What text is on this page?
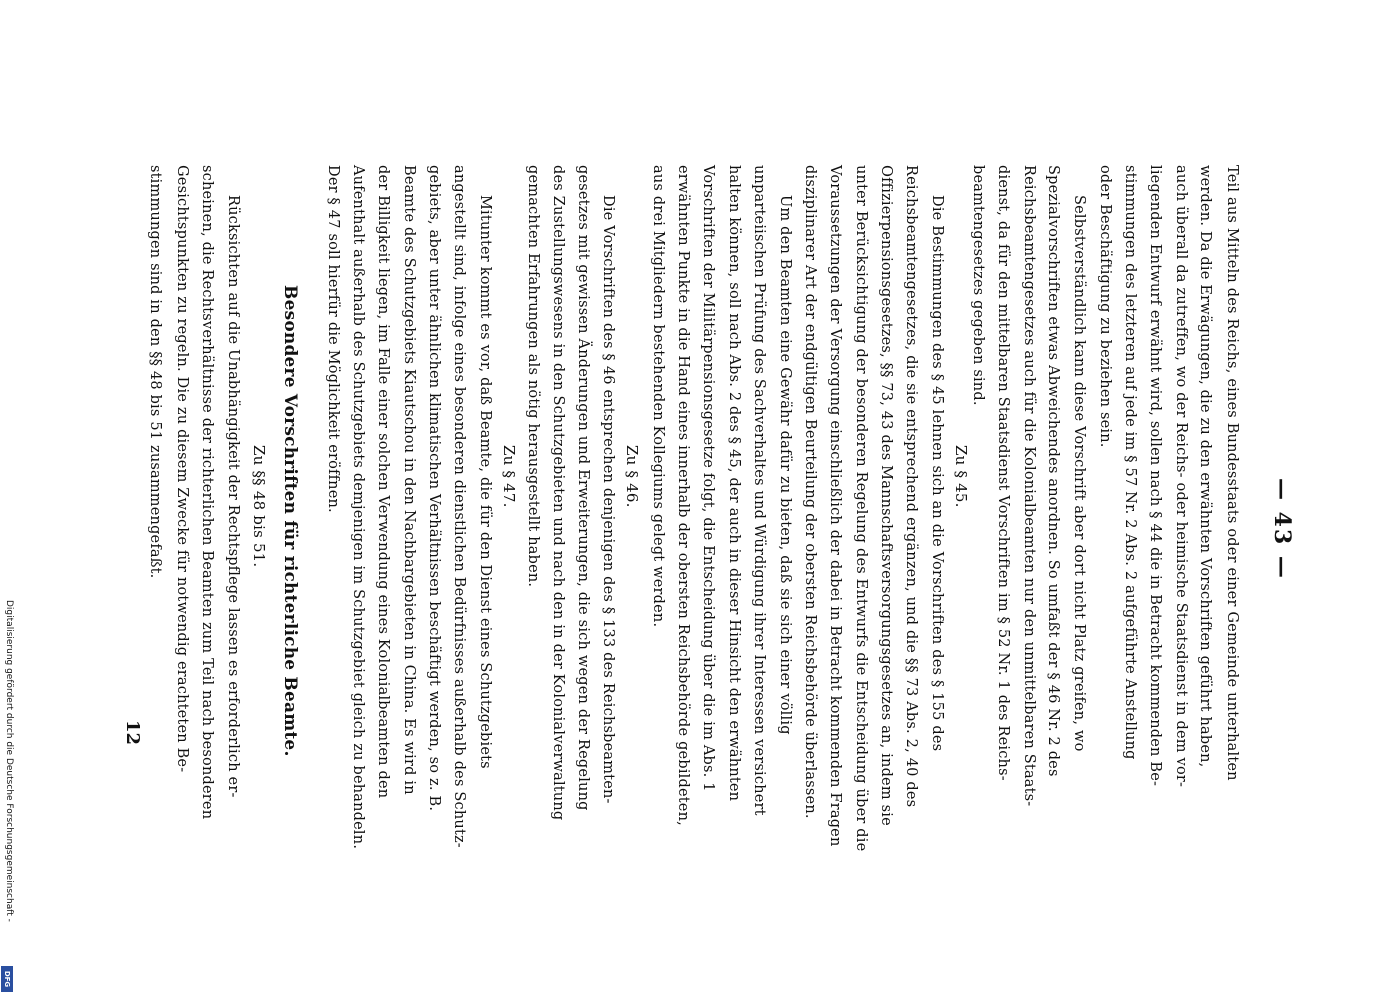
— 43 —
Teil aus Mitteln des Reichs, eines Bundesstaats oder einer Gemeinde unterhalten
werden. Da die Erwägungen, die zu den erwähnten Vorschriften geführt haben,
auch überall da zutreffen, wo der Reichs- oder heimische Staatsdienst in dem vor-
liegenden Entwurf erwähnt wird, sollen nach § 44 die in Betracht kommenden Be-
stimmungen des letzteren auf jede im § 57 Nr. 2 Abs. 2 aufgeführte Anstellung
oder Beschäftigung zu beziehen sein.
Selbstverständlich kann diese Vorschrift aber dort nicht Platz greifen, wo
Spezialvorschriften etwas Abweichendes anordnen. So umfaßt der § 46 Nr. 2 des
Reichsbeamtengesetzes auch für die Kolonialbeamten nur den unmittelbaren Staats-
dienst, da für den mittelbaren Staatsdienst Vorschriften im § 52 Nr. 1 des Reichs-
beamtengesetzes gegeben sind.
Zu § 45.
Die Bestimmungen des § 45 lehnen sich an die Vorschriften des § 155 des
Reichsbeamtengesetzes, die sie entsprechend ergänzen, und die §§ 73 Abs. 2, 40 des
Offizierpensionsgesetzes, §§ 73, 43 des Mannschaftsversorgungsgesetzes an, indem sie
unter Berücksichtigung der besonderen Regelung des Entwurfs die Entscheidung über die
Voraussetzungen der Versorgung einschließlich der dabei in Betracht kommenden Fragen
disziplinarer Art der endgültigen Beurteilung der obersten Reichsbehörde überlassen.
Um den Beamten eine Gewähr dafür zu bieten, daß sie sich einer völlig
unparteiischen Prüfung des Sachverhaltes und Würdigung ihrer Interessen versichert
halten können, soll nach Abs. 2 des § 45, der auch in dieser Hinsicht den erwähnten
Vorschriften der Militärpensionsgesetze folgt, die Entscheidung über die im Abs. 1
erwähnten Punkte in die Hand eines innerhalb der obersten Reichsbehörde gebildeten,
aus drei Mitgliedern bestehenden Kollegiums gelegt werden.
Zu § 46.
Die Vorschriften des § 46 entsprechen denjenigen des § 133 des Reichsbeamten-
gesetzes mit gewissen Änderungen und Erweiterungen, die sich wegen der Regelung
des Zustellungswesens in den Schutzgebieten und nach den in der Kolonialverwaltung
gemachten Erfahrungen als nötig herausgestellt haben.
Zu § 47.
Mitunter kommt es vor, daß Beamte, die für den Dienst eines Schutzgebiets
angestellt sind, infolge eines besonderen dienstlichen Bedürfnisses außerhalb des Schutz-
gebiets, aber unter ähnlichen klimatischen Verhältnissen beschäftigt werden, so z. B.
Beamte des Schutzgebiets Kiautschou in den Nachbargebieten in China. Es wird in
der Billigkeit liegen, im Falle einer solchen Verwendung eines Kolonialbeamten den
Aufenthalt außerhalb des Schutzgebiets demjenigen im Schutzgebiet gleich zu behandeln.
Der § 47 soll hierfür die Möglichkeit eröffnen.
Besondere Vorschriften für richterliche Beamte.
Zu §§ 48 bis 51.
Rücksichten auf die Unabhängigkeit der Rechtspflege lassen es erforderlich er-
scheinen, die Rechtsverhältnisse der richterlichen Beamten zum Teil nach besonderen
Gesichtspunkten zu regeln. Die zu diesem Zwecke für notwendig erachteten Be-
stimmungen sind in den §§ 48 bis 51 zusammengefaßt.
12
Digitalisierung gefördert durch die Deutsche Forschungsgemeinschaft -
DFG
